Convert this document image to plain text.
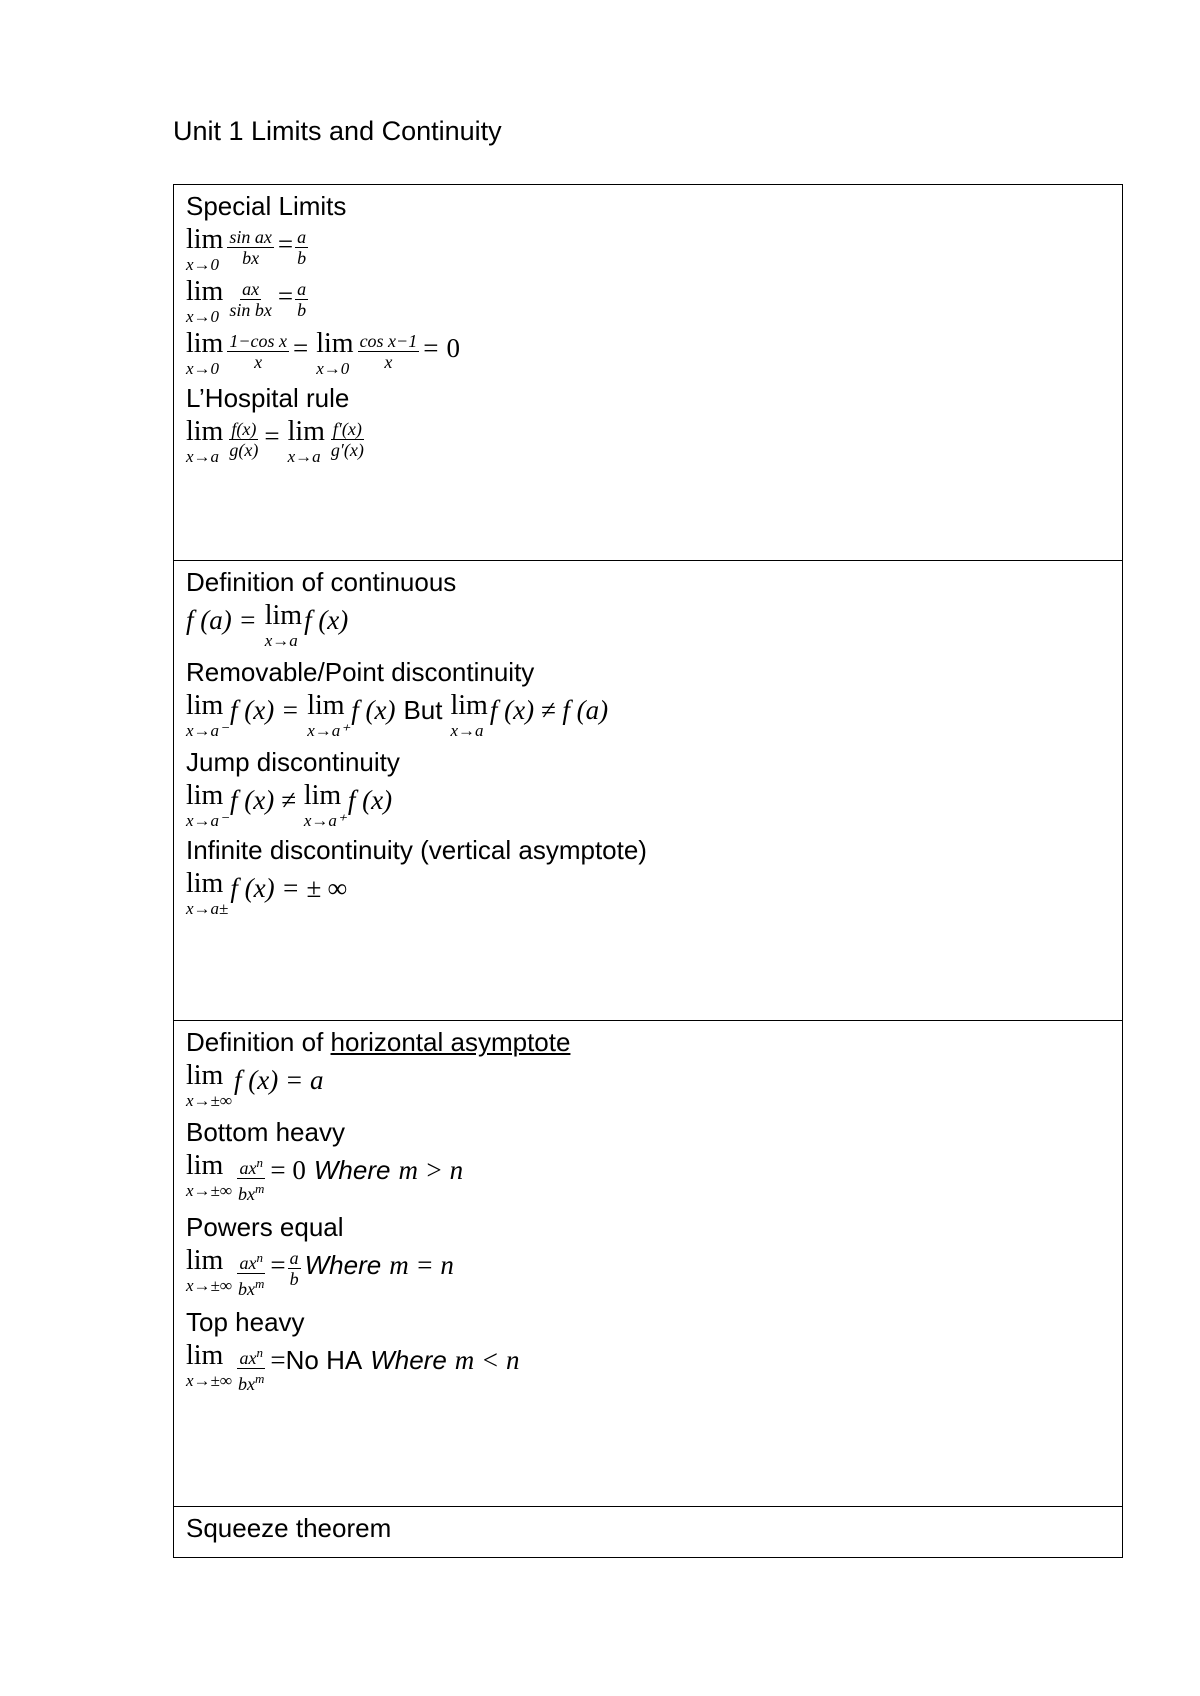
Unit 1 Limits and Continuity
Special Limits
lim
$x\to 0 \frac{\text{sin ax}}{bx} = \frac{a}{b}$
lim
$x\to 0 \frac{ax}{\text{sin bx}} = \frac{a}{b}$
lim
$x\to 0 \frac{\text{1−cos x}}{x} = \lim$
$x\to 0 \frac{\text{cos x−1}}{x} = 0$
L’Hospital rule
lim
$x\to a \frac{f(x)}{g(x)} = \lim$
$x\to a \frac{f'(x)}{g'(x)}$
Definition of continuous
f (a) = lim
x→a
f (x)
Removable/Point discontinuity
lim
x→a⁻
f (x) = lim
x→a⁺
f (x) But lim
x→a
f (x) ≠ f (a)
Jump discontinuity
lim
x→a⁻
f (x) ≠ lim
x→a⁺
f (x)
Infinite discontinuity (vertical asymptote)
lim
x→a±
f (x) = ± ∞
Definition of horizontal asymptote
lim
x→±∞
f (x) = a
Bottom heavy
lim
$x\to\pm\infty \frac{ax^n}{bx^m} = 0$ Where m > n
Powers equal
lim
$x\to\pm\infty \frac{ax^n}{bx^m} = \frac{a}{b}$ Where m = n
Top heavy
lim
$x\to\pm\infty \frac{ax^n}{bx^m} = No$ HA Where m < n
Squeeze theorem
